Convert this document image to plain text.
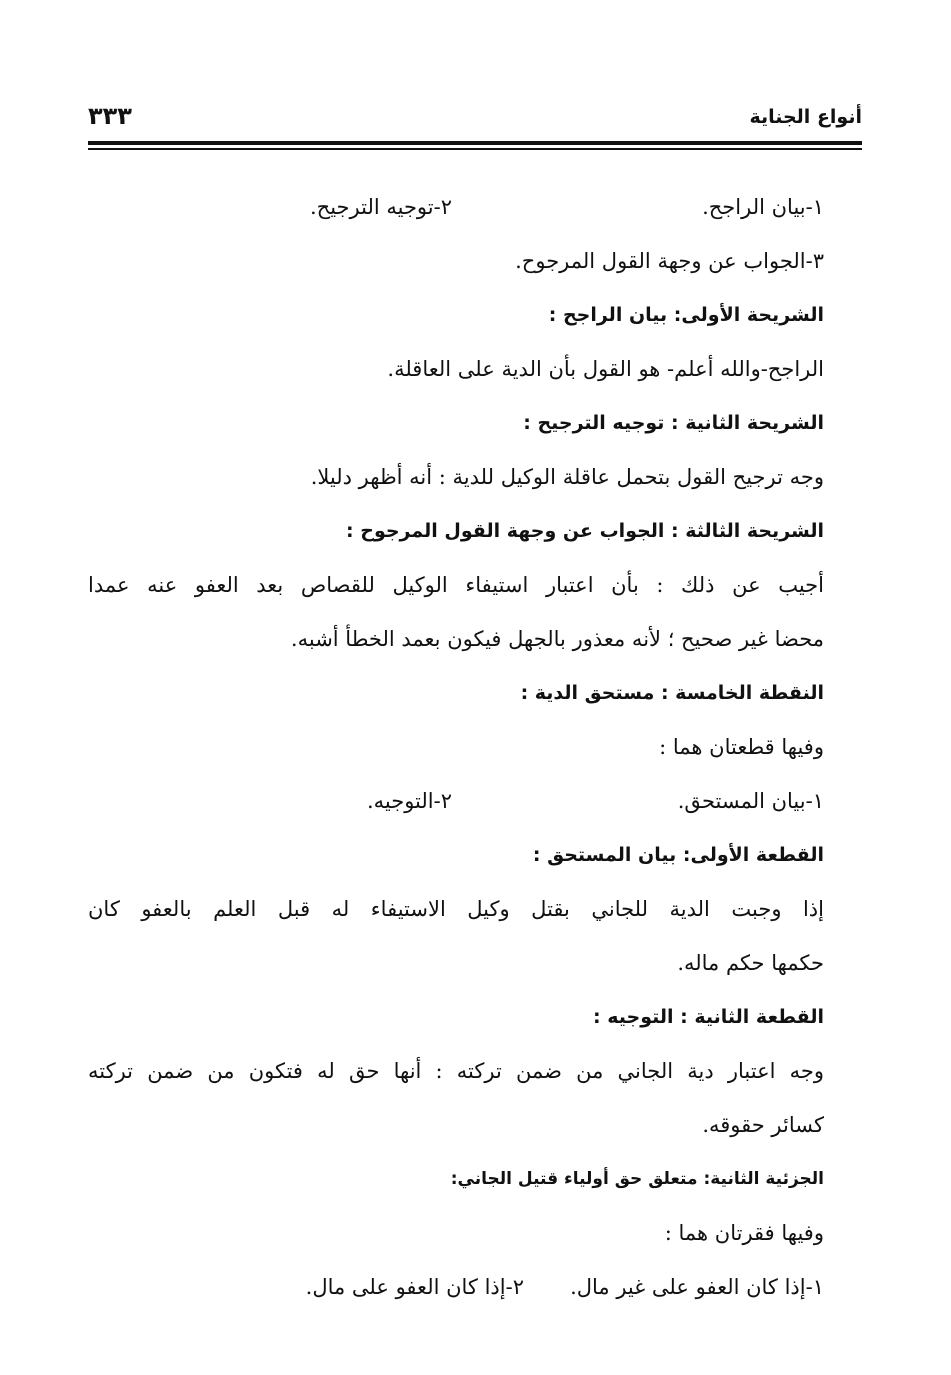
أنواع الجناية
٣٣٣
١-بيان الراجح.
٢-توجيه الترجيح.
٣-الجواب عن وجهة القول المرجوح.
الشريحة الأولى: بيان الراجح :
الراجح-والله أعلم- هو القول بأن الدية على العاقلة.
الشريحة الثانية : توجيه الترجيح :
وجه ترجيح القول بتحمل عاقلة الوكيل للدية : أنه أظهر دليلا.
الشريحة الثالثة : الجواب عن وجهة القول المرجوح :
أجيب عن ذلك : بأن اعتبار استيفاء الوكيل للقصاص بعد العفو عنه عمدا
محضا غير صحيح ؛ لأنه معذور بالجهل فيكون بعمد الخطأ أشبه.
النقطة الخامسة : مستحق الدية :
وفيها قطعتان هما :
١-بيان المستحق.
٢-التوجيه.
القطعة الأولى: بيان المستحق :
إذا وجبت الدية للجاني بقتل وكيل الاستيفاء له قبل العلم بالعفو كان
حكمها حكم ماله.
القطعة الثانية : التوجيه :
وجه اعتبار دية الجاني من ضمن تركته : أنها حق له فتكون من ضمن تركته
كسائر حقوقه.
الجزئية الثانية: متعلق حق أولياء قتيل الجاني:
وفيها فقرتان هما :
١-إذا كان العفو على غير مال.
٢-إذا كان العفو على مال.
